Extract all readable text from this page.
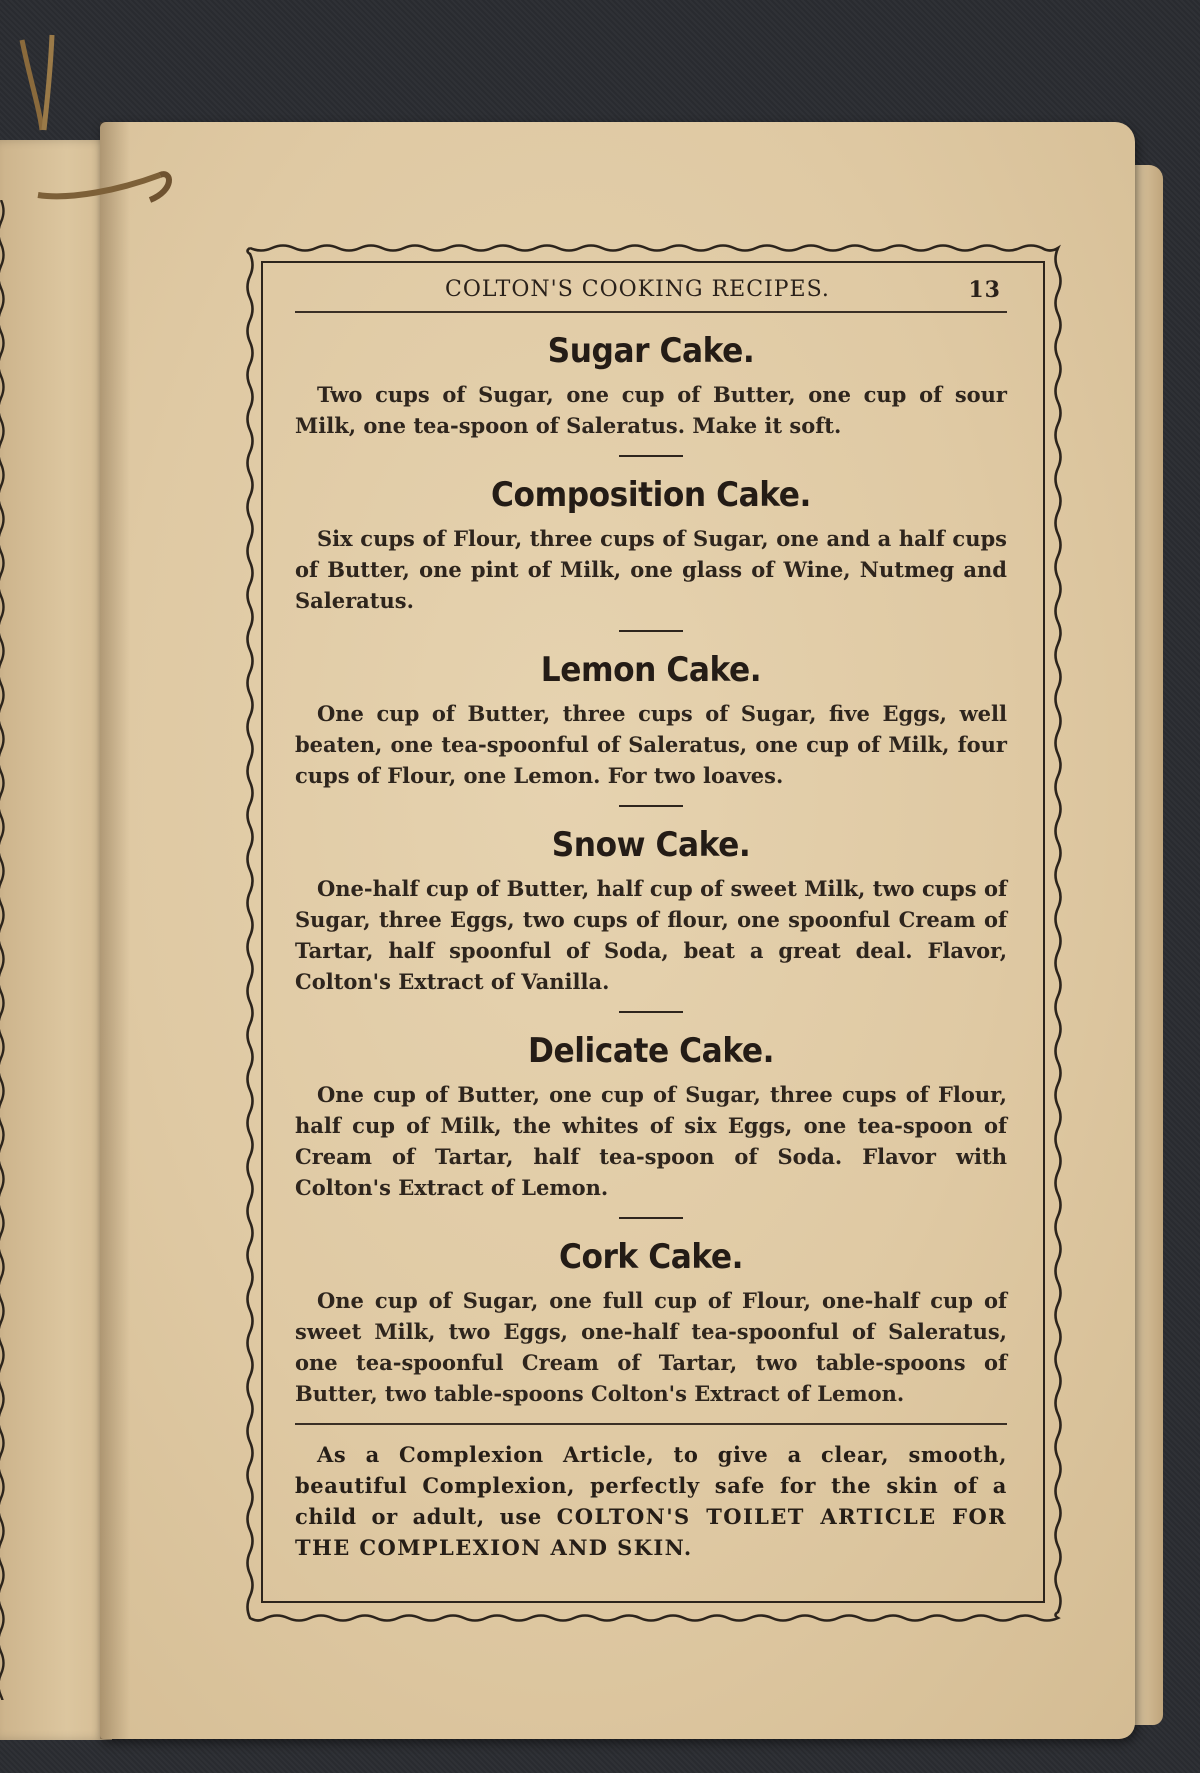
COLTON'S COOKING RECIPES.	13
Sugar Cake.

Two cups of Sugar, one cup of Butter, one cup of sour Milk, one tea-spoon of Saleratus. Make it soft.

Composition Cake.

Six cups of Flour, three cups of Sugar, one and a half cups of Butter, one pint of Milk, one glass of Wine, Nutmeg and Saleratus.

Lemon Cake.

One cup of Butter, three cups of Sugar, five Eggs, well beaten, one tea-spoonful of Saleratus, one cup of Milk, four cups of Flour, one Lemon. For two loaves.

Snow Cake.

One-half cup of Butter, half cup of sweet Milk, two cups of Sugar, three Eggs, two cups of flour, one spoonful Cream of Tartar, half spoonful of Soda, beat a great deal. Flavor, Colton's Extract of Vanilla.

Delicate Cake.

One cup of Butter, one cup of Sugar, three cups of Flour, half cup of Milk, the whites of six Eggs, one tea-spoon of Cream of Tartar, half tea-spoon of Soda. Flavor with Colton's Extract of Lemon.

Cork Cake.

One cup of Sugar, one full cup of Flour, one-half cup of sweet Milk, two Eggs, one-half tea-spoonful of Saleratus, one tea-spoonful Cream of Tartar, two table-spoons of Butter, two table-spoons Colton's Extract of Lemon.

As a Complexion Article, to give a clear, smooth, beautiful Complexion, perfectly safe for the skin of a child or adult, use COLTON'S TOILET ARTICLE FOR THE COMPLEXION AND SKIN.
